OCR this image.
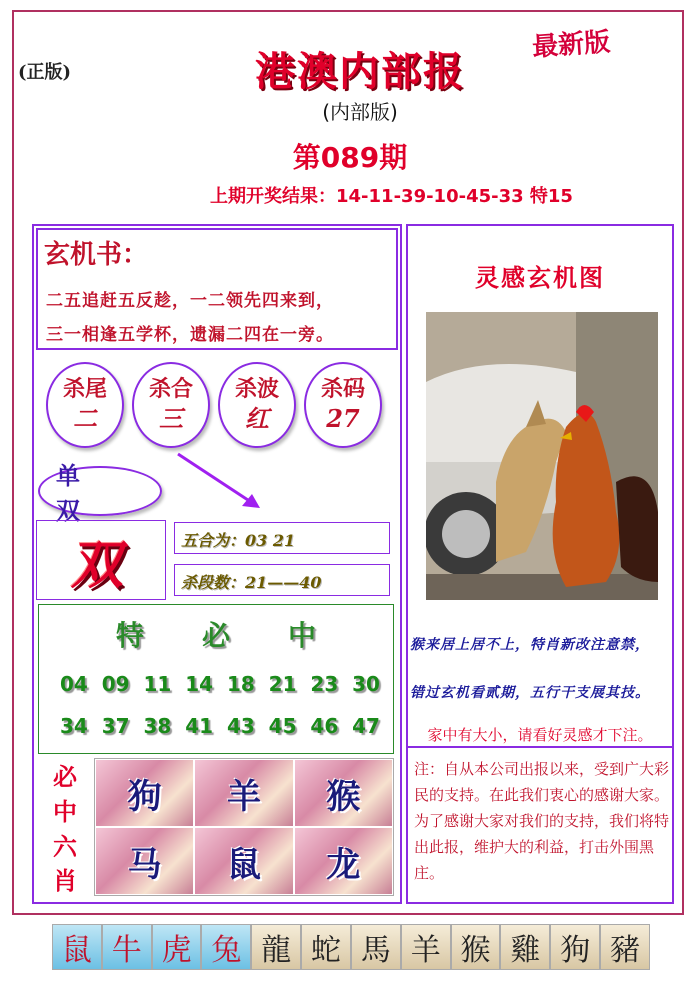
(正版)
最新版
港澳内部报
(内部版)
第089期
上期开奖结果：14-11-39-10-45-33 特15
玄机书：
二五追赶五反趁，一二领先四来到，
三一相逢五学杯，遗漏二四在一旁。
杀尾
二
杀合
三
杀波
红
杀码
27
单 双
双	五合为：03 21
杀段数：21——40
特 必 中
04 09 11 14 18 21 23 30
34 37 38 41 43 45 46 47
必
中
六
肖
狗	羊	猴
马	鼠	龙
灵感玄机图
猴来居上居不上，特肖新改注意禁，
错过玄机看贰期，五行干支展其技。
家中有大小，请看好灵感才下注。
注：自从本公司出报以来，受到广大彩民的支持。在此我们衷心的感谢大家。为了感谢大家对我们的支持，我们将特出此报，维护大的利益，打击外围黑庄。
鼠 牛 虎 兔 龍 蛇 馬 羊 猴 雞 狗 豬
